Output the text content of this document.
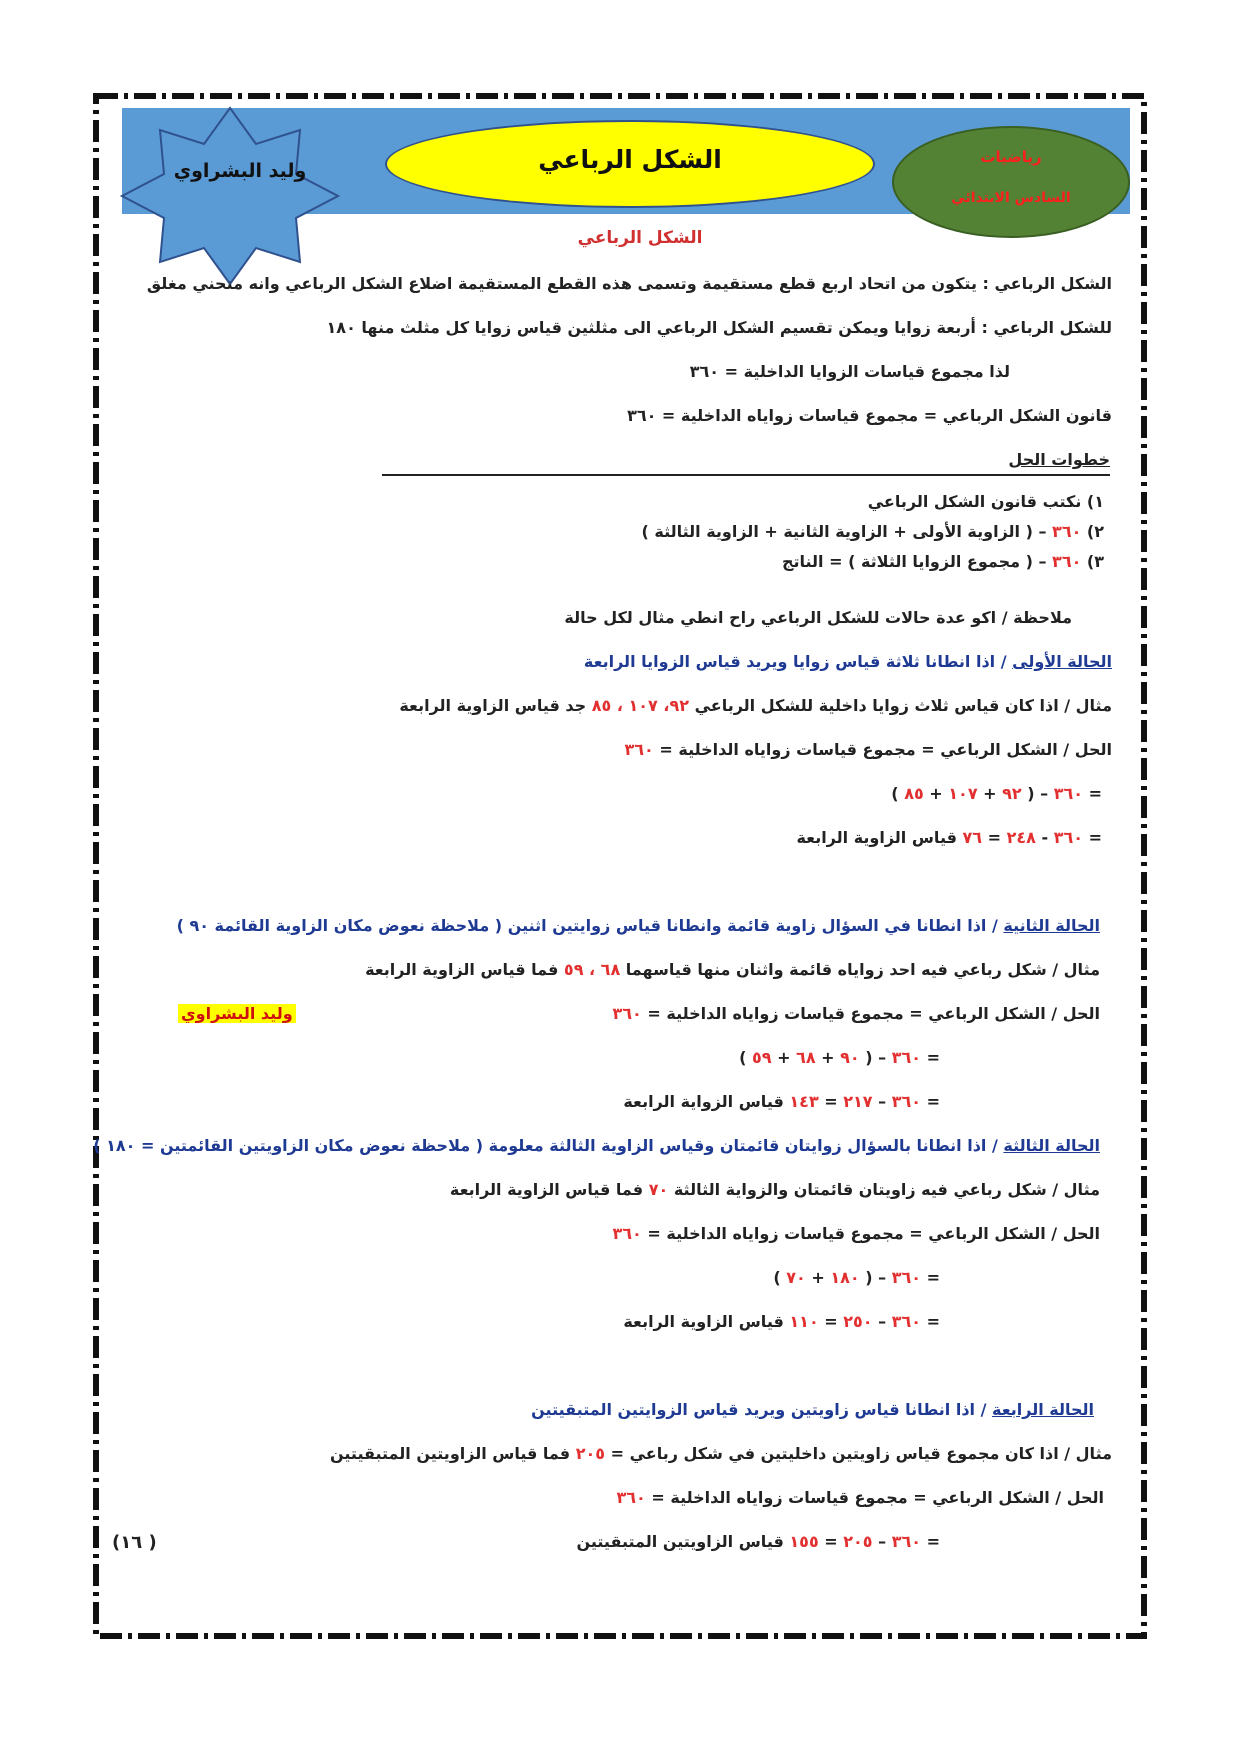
وليد البشراوي	الشكل الرباعي	رياضيات
السادس الابتدائي
الشكل الرباعي
الشكل الرباعي : يتكون من اتحاد اربع قطع مستقيمة وتسمى هذه القطع المستقيمة اضلاع الشكل الرباعي وانه منحني مغلق
للشكل الرباعي : أربعة زوايا ويمكن تقسيم الشكل الرباعي الى مثلثين قياس زوايا كل مثلث منها ١٨٠
لذا مجموع قياسات الزوايا الداخلية = ٣٦٠
قانون الشكل الرباعي = مجموع قياسات زواياه الداخلية = ٣٦٠
خطوات الحل
١) نكتب قانون الشكل الرباعي
٢) ٣٦٠ – ( الزاوية الأولى + الزاوية الثانية + الزاوية الثالثة )
٣) ٣٦٠ – ( مجموع الزوايا الثلاثة ) = الناتج
ملاحظة / اكو عدة حالات للشكل الرباعي راح انطي مثال لكل حالة
الحالة الأولى / اذا انطانا ثلاثة قياس زوايا ويريد قياس الزوايا الرابعة
مثال / اذا كان قياس ثلاث زوايا داخلية للشكل الرباعي ٩٢، ١٠٧ ، ٨٥ جد قياس الزاوية الرابعة
الحل / الشكل الرباعي = مجموع قياسات زواياه الداخلية = ٣٦٠
= ٣٦٠ – ( ٩٢ + ١٠٧ + ٨٥ )
= ٣٦٠ - ٢٤٨ = ٧٦ قياس الزاوية الرابعة
الحالة الثانية / اذا انطانا في السؤال زاوية قائمة وانطانا قياس زوايتين اثنين ( ملاحظة نعوض مكان الزاوية القائمة ٩٠ )
مثال / شكل رباعي فيه احد زواياه قائمة واثنان منها قياسهما ٦٨ ، ٥٩ فما قياس الزاوية الرابعة
الحل / الشكل الرباعي = مجموع قياسات زواياه الداخلية = ٣٦٠
وليد البشراوي
= ٣٦٠ – ( ٩٠ + ٦٨ + ٥٩ )
= ٣٦٠ – ٢١٧ = ١٤٣ قياس الزواية الرابعة
الحالة الثالثة / اذا انطانا بالسؤال زوايتان قائمتان وقياس الزاوية الثالثة معلومة ( ملاحظة نعوض مكان الزاويتين القائمتين = ١٨٠ )
مثال / شكل رباعي فيه زاويتان قائمتان والزواية الثالثة ٧٠ فما قياس الزاوية الرابعة
الحل / الشكل الرباعي = مجموع قياسات زواياه الداخلية = ٣٦٠
= ٣٦٠ – ( ١٨٠ + ٧٠ )
= ٣٦٠ – ٢٥٠ = ١١٠ قياس الزاوية الرابعة
الحالة الرابعة / اذا انطانا قياس زاويتين ويريد قياس الزوايتين المتبقيتين
مثال / اذا كان مجموع قياس زاويتين داخليتين في شكل رباعي = ٢٠٥ فما قياس الزاويتين المتبقيتين
الحل / الشكل الرباعي = مجموع قياسات زواياه الداخلية = ٣٦٠
= ٣٦٠ – ٢٠٥ = ١٥٥ قياس الزاويتين المتبقيتين
( ١٦)
